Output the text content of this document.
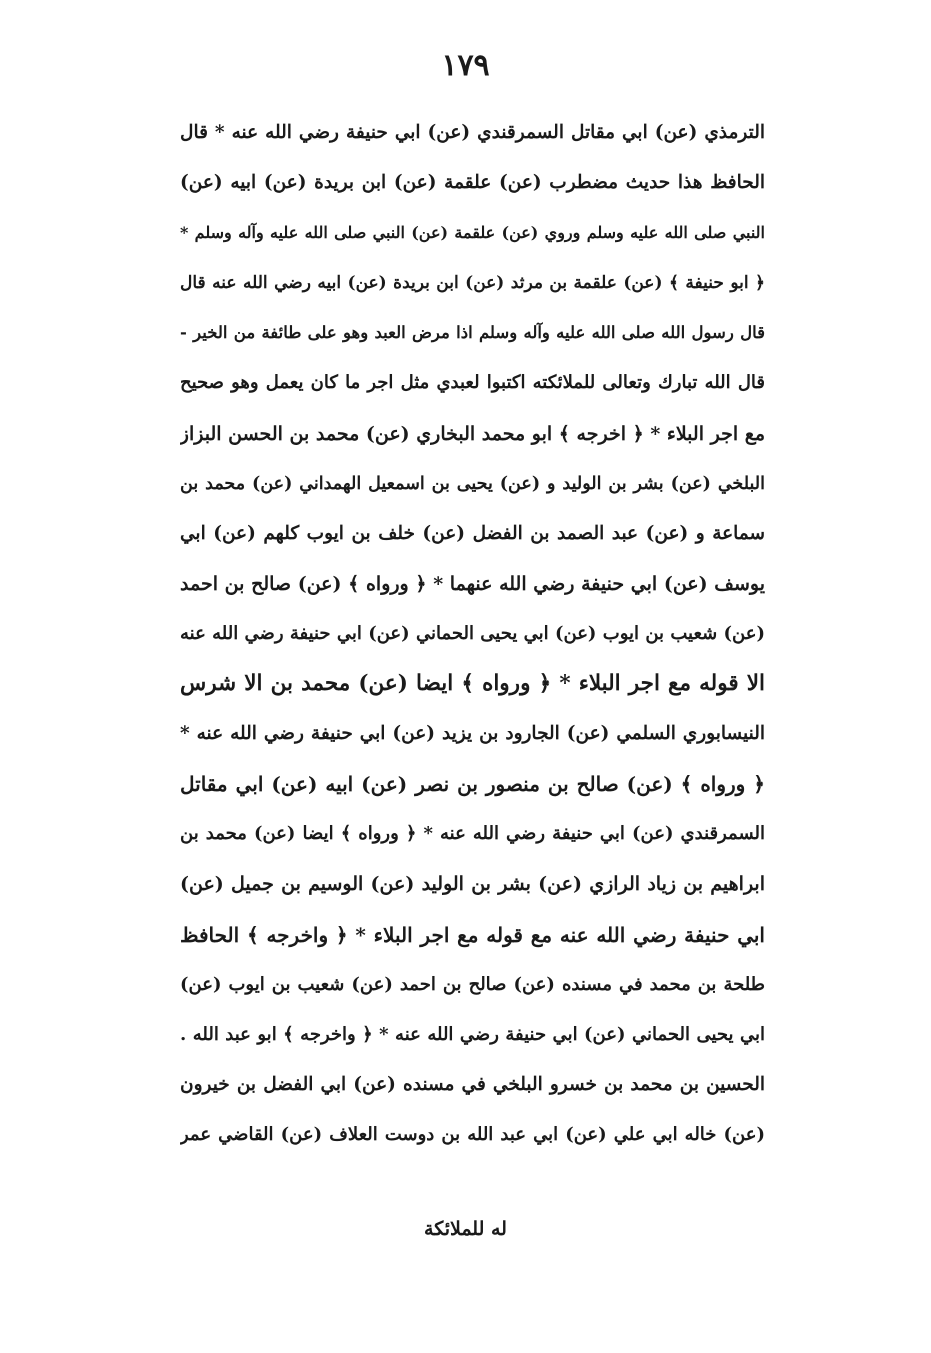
١٧٩
الترمذي (عن) ابي مقاتل السمرقندي (عن) ابي حنيفة رضي الله عنه * قال
الحافظ هذا حديث مضطرب (عن) علقمة (عن) ابن بريدة (عن) ابيه (عن)
النبي صلى الله عليه وسلم وروي (عن) علقمة (عن) النبي صلى الله عليه وآله وسلم *
﴿ ابو حنيفة ﴾ (عن) علقمة بن مرثد (عن) ابن بريدة (عن) ابيه رضي الله عنه قال
قال رسول الله صلى الله عليه وآله وسلم اذا مرض العبد وهو على طائفة من الخير -
قال الله تبارك وتعالى للملائكته اكتبوا لعبدي مثل اجر ما كان يعمل وهو صحيح
مع اجر البلاء * ﴿ اخرجه ﴾ ابو محمد البخاري (عن) محمد بن الحسن البزاز
البلخي (عن) بشر بن الوليد و (عن) يحيى بن اسمعيل الهمداني (عن) محمد بن
سماعة و (عن) عبد الصمد بن الفضل (عن) خلف بن ايوب كلهم (عن) ابي
يوسف (عن) ابي حنيفة رضي الله عنهما * ﴿ ورواه ﴾ (عن) صالح بن احمد
(عن) شعيب بن ايوب (عن) ابي يحيى الحماني (عن) ابي حنيفة رضي الله عنه
الا قوله مع اجر البلاء * ﴿ ورواه ﴾ ايضا (عن) محمد بن الا شرس
النيسابوري السلمي (عن) الجارود بن يزيد (عن) ابي حنيفة رضي الله عنه *
﴿ ورواه ﴾ (عن) صالح بن منصور بن نصر (عن) ابيه (عن) ابي مقاتل
السمرقندي (عن) ابي حنيفة رضي الله عنه * ﴿ ورواه ﴾ ايضا (عن) محمد بن
ابراهيم بن زياد الرازي (عن) بشر بن الوليد (عن) الوسيم بن جميل (عن)
ابي حنيفة رضي الله عنه مع قوله مع اجر البلاء * ﴿ واخرجه ﴾ الحافظ
طلحة بن محمد في مسنده (عن) صالح بن احمد (عن) شعيب بن ايوب (عن)
ابي يحيى الحماني (عن) ابي حنيفة رضي الله عنه * ﴿ واخرجه ﴾ ابو عبد الله .
الحسين بن محمد بن خسرو البلخي في مسنده (عن) ابي الفضل بن خيرون
(عن) خاله ابي علي (عن) ابي عبد الله بن دوست العلاف (عن) القاضي عمر
له للملائكة
